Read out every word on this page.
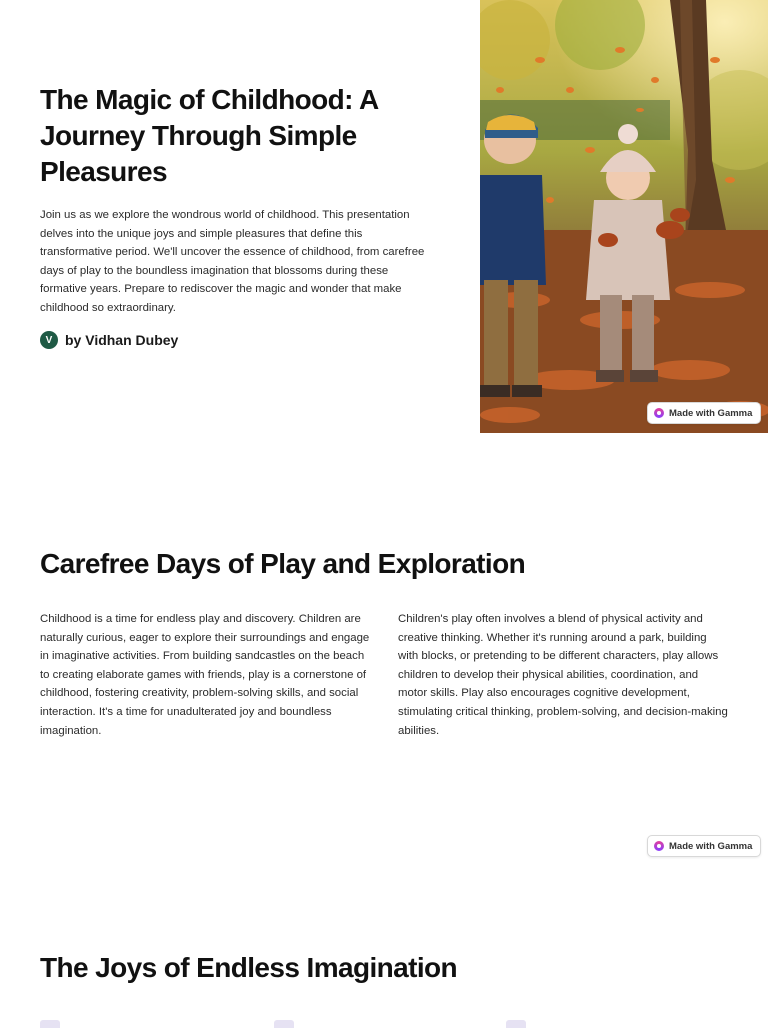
The Magic of Childhood: A Journey Through Simple Pleasures

Join us as we explore the wondrous world of childhood. This presentation delves into the unique joys and simple pleasures that define this transformative period. We'll uncover the essence of childhood, from carefree days of play to the boundless imagination that blossoms during these formative years. Prepare to rediscover the magic and wonder that make childhood so extraordinary.

V by Vidhan Dubey
Made with Gamma
Carefree Days of Play and Exploration

Childhood is a time for endless play and discovery. Children are naturally curious, eager to explore their surroundings and engage in imaginative activities. From building sandcastles on the beach to creating elaborate games with friends, play is a cornerstone of childhood, fostering creativity, problem-solving skills, and social interaction. It's a time for unadulterated joy and boundless imagination.

Children's play often involves a blend of physical activity and creative thinking. Whether it's running around a park, building with blocks, or pretending to be different characters, play allows children to develop their physical abilities, coordination, and motor skills. Play also encourages cognitive development, stimulating critical thinking, problem-solving, and decision-making abilities.

Made with Gamma
The Joys of Endless Imagination
